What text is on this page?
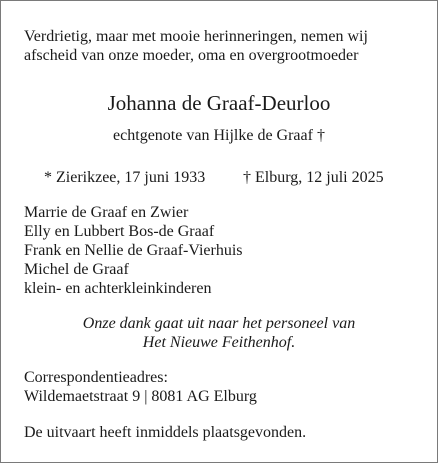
Verdrietig, maar met mooie herinneringen, nemen wij
afscheid van onze moeder, oma en overgrootmoeder

Johanna de Graaf-Deurloo
echtgenote van Hijlke de Graaf †
* Zierikzee, 17 juni 1933 † Elburg, 12 juli 2025
Marrie de Graaf en Zwier
Elly en Lubbert Bos-de Graaf
Frank en Nellie de Graaf-Vierhuis
Michel de Graaf
klein- en achterkleinkinderen
Onze dank gaat uit naar het personeel van
Het Nieuwe Feithenhof.
Correspondentieadres:
Wildemaetstraat 9 | 8081 AG Elburg
De uitvaart heeft inmiddels plaatsgevonden.
